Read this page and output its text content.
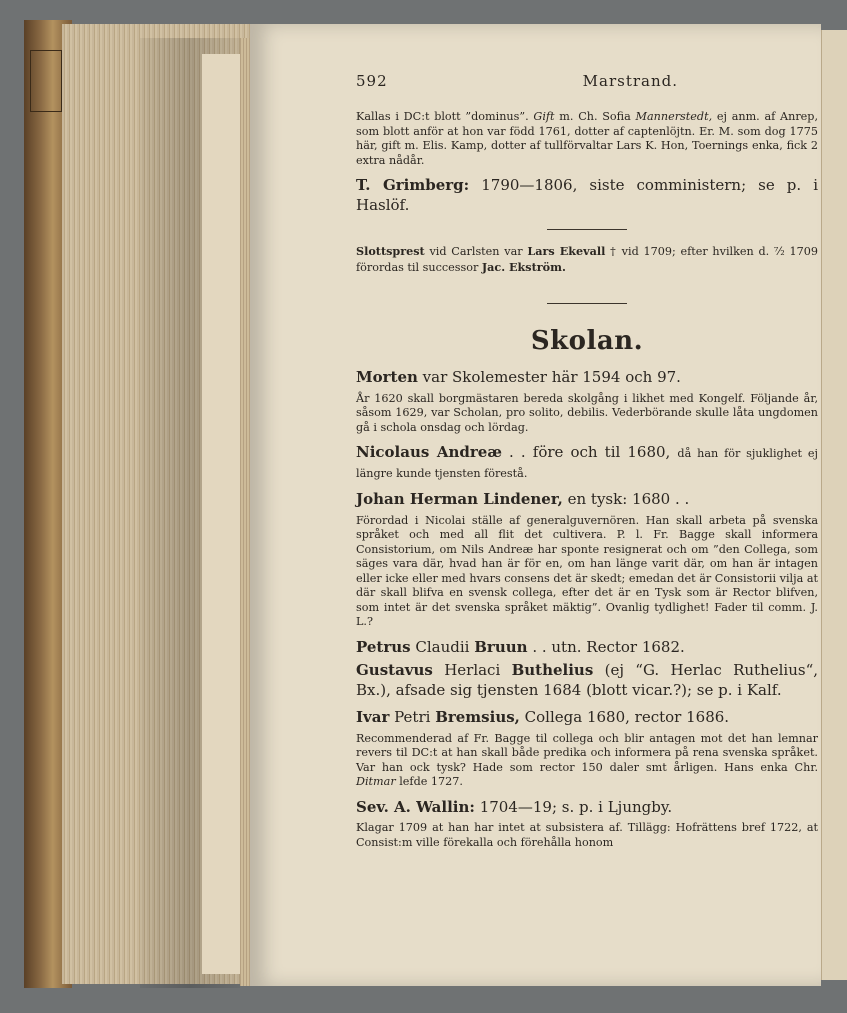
592	Marstrand.

Kallas i DC:t blott ”dominus”. Gift m. Ch. Sofia Mannerstedt, ej anm. af Anrep, som blott anför at hon var född 1761, dotter af captenlöjtn. Er. M. som dog 1775 här, gift m. Elis. Kamp, dotter af tullförvaltar Lars K. Hon, Toernings enka, fick 2 extra nådår.

T. Grimberg: 1790—1806, siste comministern; se p. i Haslöf.

Slottsprest vid Carlsten var Lars Ekevall † vid 1709; efter hvilken d. ⁷⁄₂ 1709 förordas til successor Jac. Ekström.

Skolan.

Morten var Skolemester här 1594 och 97.

År 1620 skall borgmästaren bereda skolgång i likhet med Kongelf. Följande år, såsom 1629, var Scholan, pro solito, debilis. Vederbörande skulle låta ungdomen gå i schola onsdag och lördag.

Nicolaus Andreæ . . före och til 1680, då han för sjuklighet ej längre kunde tjensten förestå.

Johan Herman Lindener, en tysk: 1680 . .

Förordad i Nicolai ställe af generalguvernören. Han skall arbeta på svenska språket och med all flit det cultivera. P. l. Fr. Bagge skall informera Consistorium, om Nils Andreæ har sponte resignerat och om ”den Collega, som säges vara där, hvad han är för en, om han länge varit där, om han är intagen eller icke eller med hvars consens det är skedt; emedan det är Consistorii vilja at där skall blifva en svensk collega, efter det är en Tysk som är Rector blifven, som intet är det svenska språket mäktig”. Ovanlig tydlighet! Fader til comm. J. L.?

Petrus Claudii Bruun . . utn. Rector 1682.

Gustavus Herlaci Buthelius (ej “G. Herlac Ruthelius“, Bx.), afsade sig tjensten 1684 (blott vicar.?); se p. i Kalf.

Ivar Petri Bremsius, Collega 1680, rector 1686.

Recommenderad af Fr. Bagge til collega och blir antagen mot det han lemnar revers til DC:t at han skall både predika och informera på rena svenska språket. Var han ock tysk? Hade som rector 150 daler smt årligen. Hans enka Chr. Ditmar lefde 1727.

Sev. A. Wallin: 1704—19; s. p. i Ljungby.

Klagar 1709 at han har intet at subsistera af. Tillägg: Hofrättens bref 1722, at Consist:m ville förekalla och förehålla honom
